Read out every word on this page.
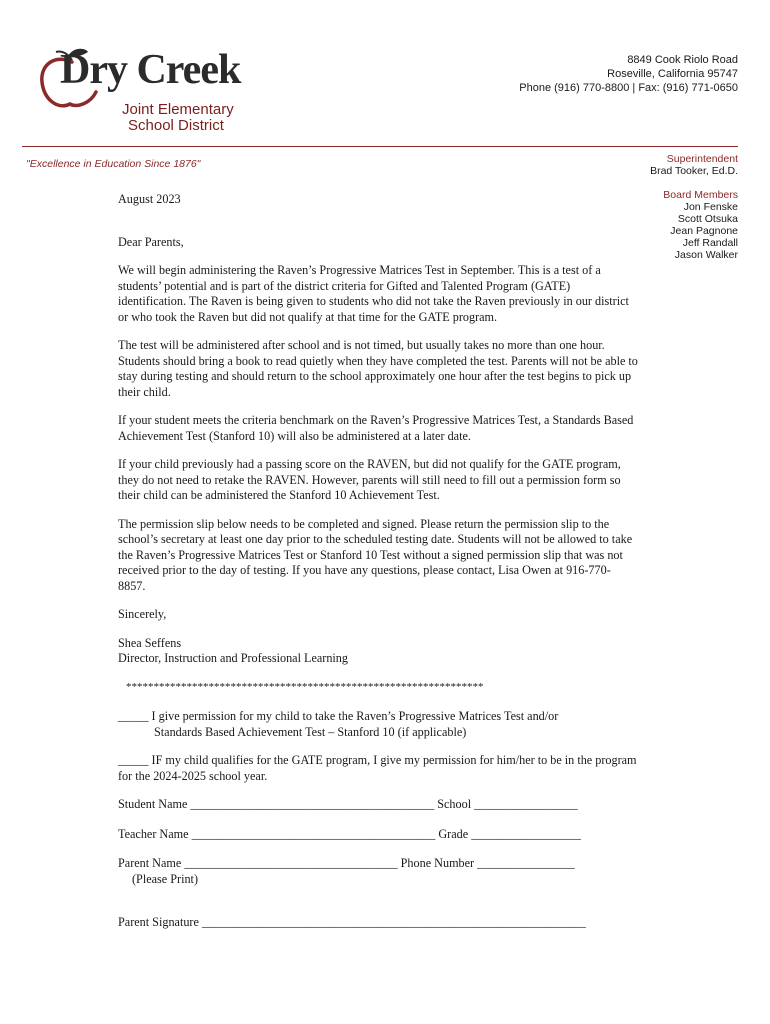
Dry Creek
Joint Elementary
School District
8849 Cook Riolo Road
Roseville, California 95747
Phone (916) 770-8800 | Fax: (916) 771-0650
"Excellence in Education Since 1876"	Superintendent
Brad Tooker, Ed.D.
Board Members
Jon Fenske
Scott Otsuka
Jean Pagnone
Jeff Randall
Jason Walker

August 2023

Dear Parents,

We will begin administering the Raven’s Progressive Matrices Test in September. This is a test of a students’ potential and is part of the district criteria for Gifted and Talented Program (GATE) identification. The Raven is being given to students who did not take the Raven previously in our district or who took the Raven but did not qualify at that time for the GATE program.

The test will be administered after school and is not timed, but usually takes no more than one hour. Students should bring a book to read quietly when they have completed the test. Parents will not be able to stay during testing and should return to the school approximately one hour after the test begins to pick up their child.

If your student meets the criteria benchmark on the Raven’s Progressive Matrices Test, a Standards Based Achievement Test (Stanford 10) will also be administered at a later date.

If your child previously had a passing score on the RAVEN, but did not qualify for the GATE program, they do not need to retake the RAVEN. However, parents will still need to fill out a permission form so their child can be administered the Stanford 10 Achievement Test.

The permission slip below needs to be completed and signed. Please return the permission slip to the school’s secretary at least one day prior to the scheduled testing date. Students will not be allowed to take the Raven’s Progressive Matrices Test or Stanford 10 Test without a signed permission slip that was not received prior to the day of testing. If you have any questions, please contact, Lisa Owen at 916-770-8857.

Sincerely,

Shea Seffens

Director, Instruction and Professional Learning

*****************************************************************

_____ I give permission for my child to take the Raven’s Progressive Matrices Test and/or

Standards Based Achievement Test – Stanford 10 (if applicable)

_____ IF my child qualifies for the GATE program, I give my permission for him/her to be in the program for the 2024-2025 school year.

Student Name ________________________________________ School _________________
Teacher Name ________________________________________ Grade __________________
Parent Name ___________________________________ Phone Number ________________
(Please Print)
Parent Signature _______________________________________________________________
